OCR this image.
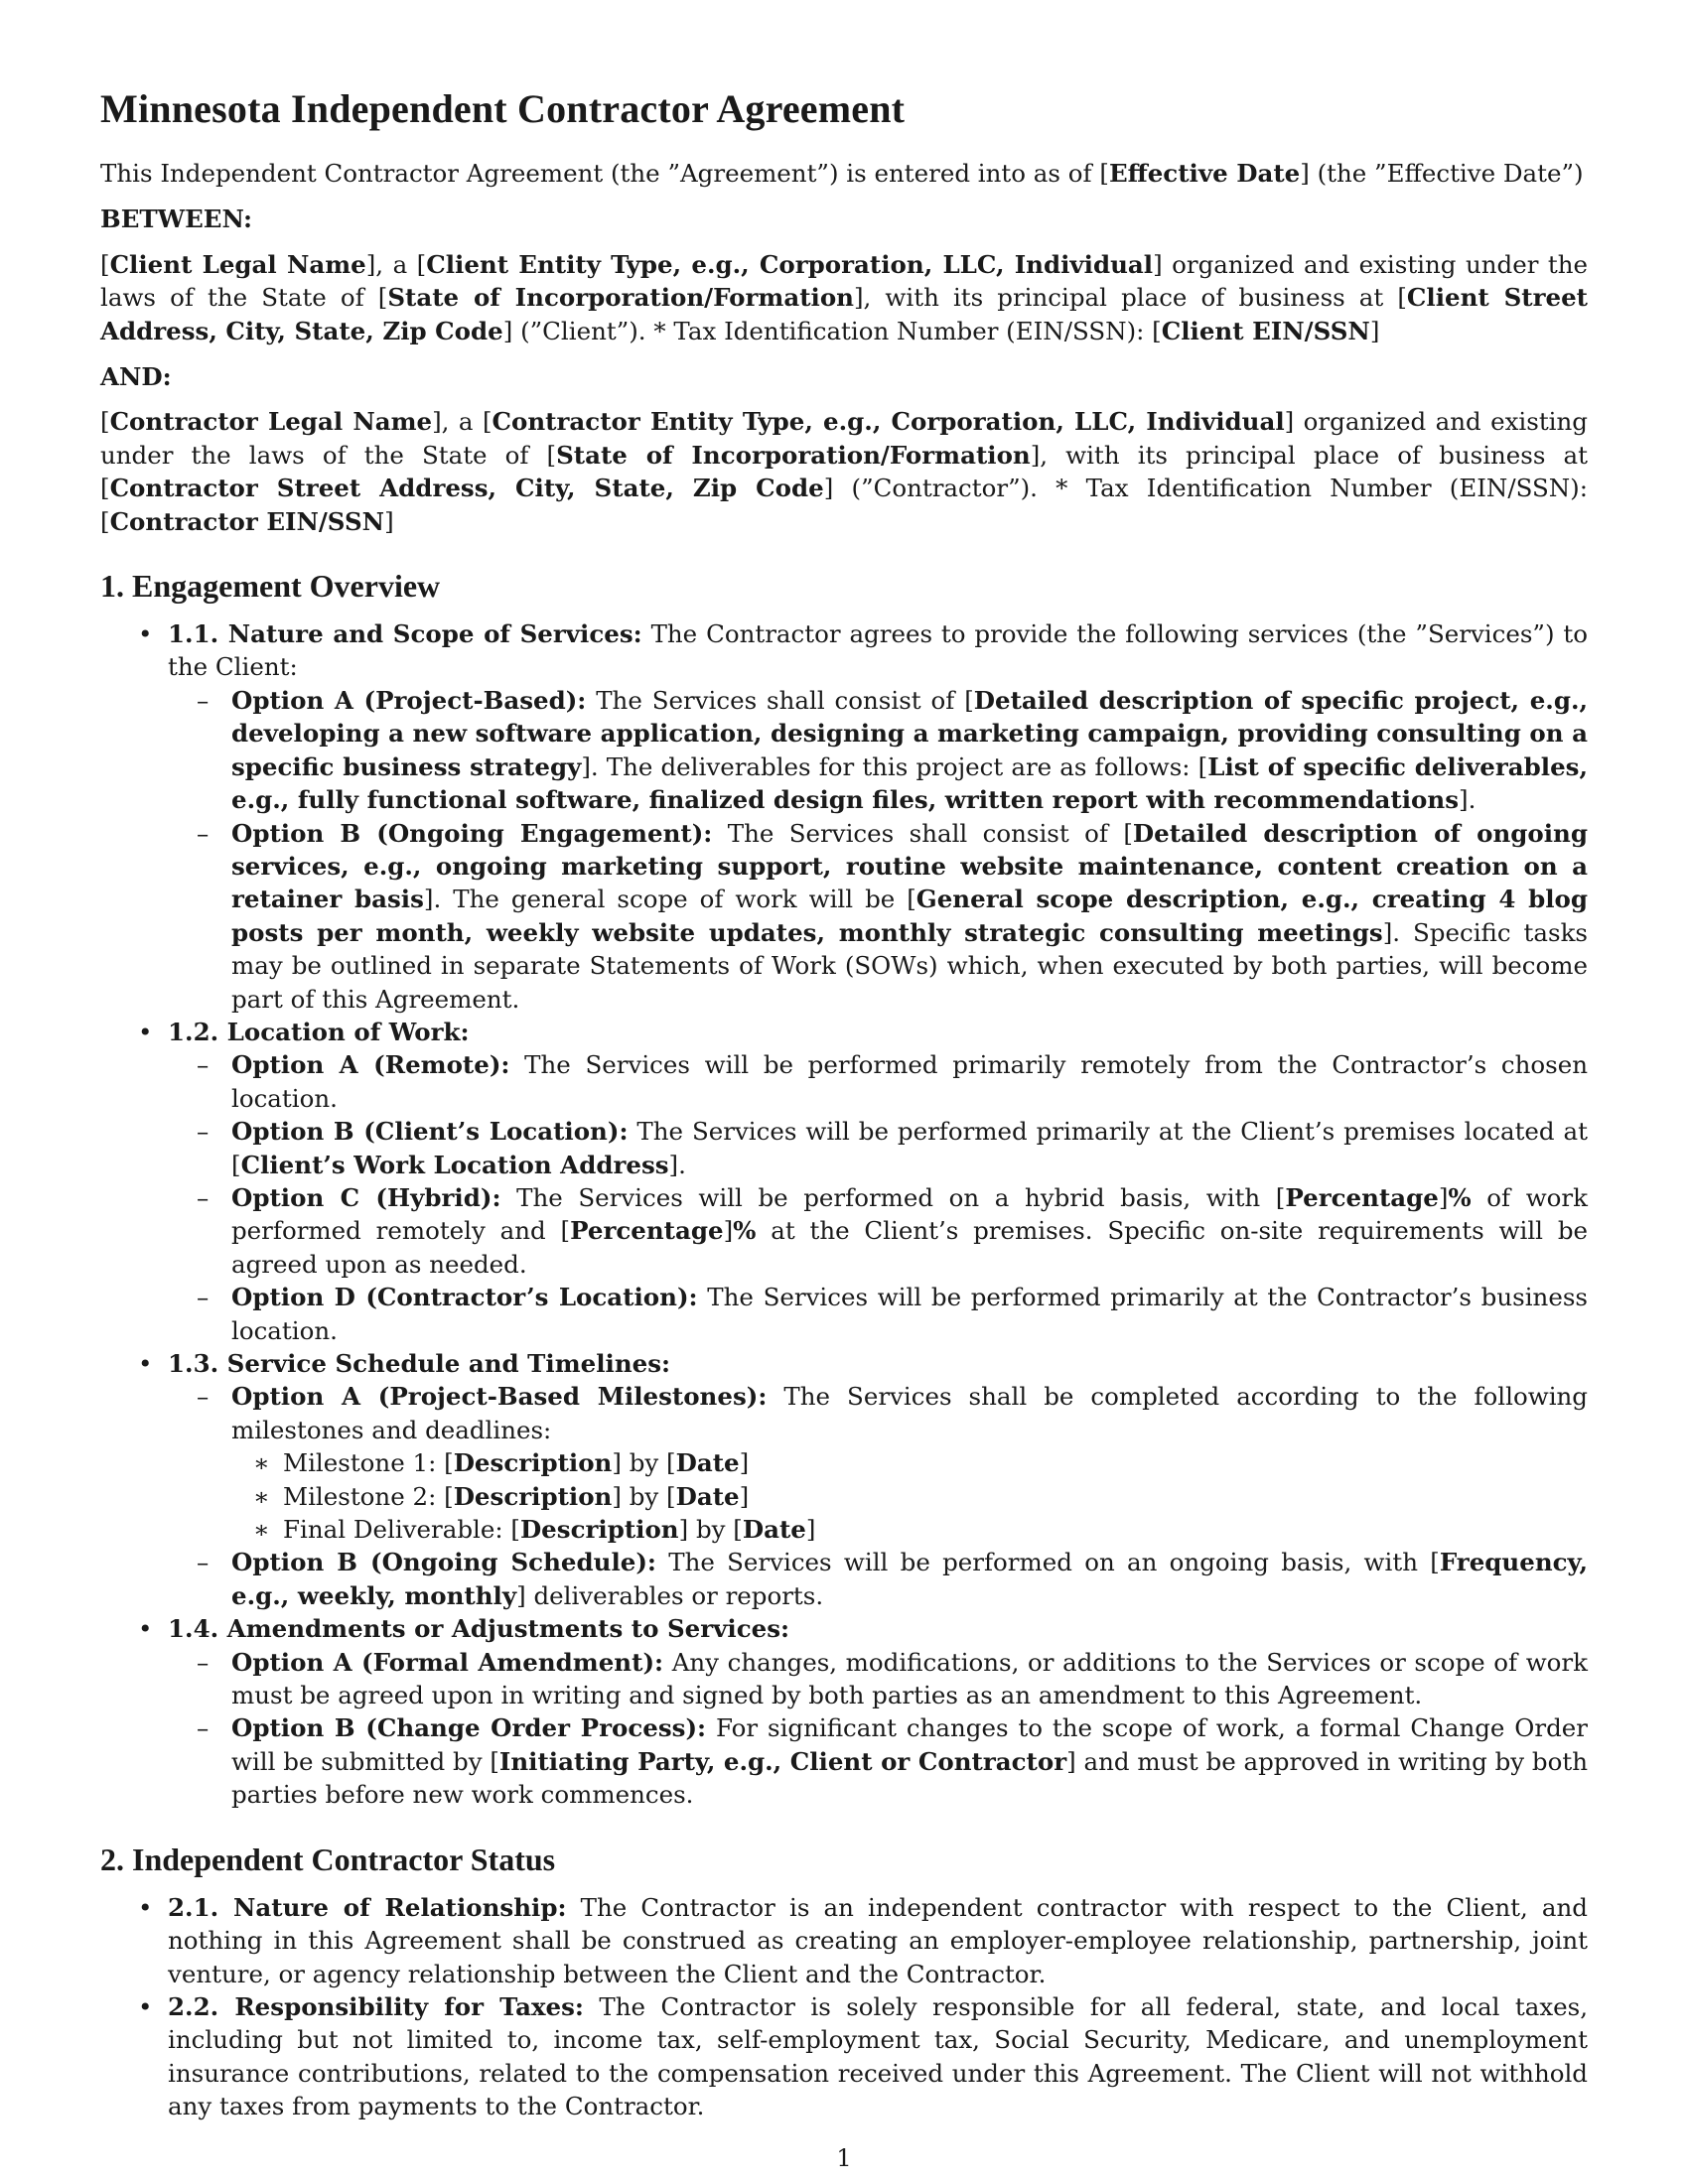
Minnesota Independent Contractor Agreement

This Independent Contractor Agreement (the ”Agreement”) is entered into as of [Effective Date] (the ”Effective Date”)

BETWEEN:

[Client Legal Name], a [Client Entity Type, e.g., Corporation, LLC, Individual] organized and existing under the laws of the State of [State of Incorporation/Formation], with its principal place of business at [Client Street Address, City, State, Zip Code] (”Client”). * Tax Identification Number (EIN/SSN): [Client EIN/SSN]

AND:

[Contractor Legal Name], a [Contractor Entity Type, e.g., Corporation, LLC, Individual] organized and existing under the laws of the State of [State of Incorporation/Formation], with its principal place of business at [Contractor Street Address, City, State, Zip Code] (”Contractor”). * Tax Identification Number (EIN/SSN): [Contractor EIN/SSN]

1. Engagement Overview
• 1.1. Nature and Scope of Services: The Contractor agrees to provide the following services (the ”Services”) to the Client:
– Option A (Project-Based): The Services shall consist of [Detailed description of specific project, e.g., developing a new software application, designing a marketing campaign, providing consulting on a specific business strategy]. The deliverables for this project are as follows: [List of specific deliverables, e.g., fully functional software, finalized design files, written report with recommendations].
– Option B (Ongoing Engagement): The Services shall consist of [Detailed description of ongoing services, e.g., ongoing marketing support, routine website maintenance, content creation on a retainer basis]. The general scope of work will be [General scope description, e.g., creating 4 blog posts per month, weekly website updates, monthly strategic consulting meetings]. Specific tasks may be outlined in separate Statements of Work (SOWs) which, when executed by both parties, will become part of this Agreement.
• 1.2. Location of Work:
– Option A (Remote): The Services will be performed primarily remotely from the Contractor’s chosen location.
– Option B (Client’s Location): The Services will be performed primarily at the Client’s premises located at [Client’s Work Location Address].
– Option C (Hybrid): The Services will be performed on a hybrid basis, with [Percentage]% of work performed remotely and [Percentage]% at the Client’s premises. Specific on-site requirements will be agreed upon as needed.
– Option D (Contractor’s Location): The Services will be performed primarily at the Contractor’s business location.
• 1.3. Service Schedule and Timelines:
– Option A (Project-Based Milestones): The Services shall be completed according to the following milestones and deadlines:
∗ Milestone 1: [Description] by [Date]
∗ Milestone 2: [Description] by [Date]
∗ Final Deliverable: [Description] by [Date]
– Option B (Ongoing Schedule): The Services will be performed on an ongoing basis, with [Frequency, e.g., weekly, monthly] deliverables or reports.
• 1.4. Amendments or Adjustments to Services:
– Option A (Formal Amendment): Any changes, modifications, or additions to the Services or scope of work must be agreed upon in writing and signed by both parties as an amendment to this Agreement.
– Option B (Change Order Process): For significant changes to the scope of work, a formal Change Order will be submitted by [Initiating Party, e.g., Client or Contractor] and must be approved in writing by both parties before new work commences.
2. Independent Contractor Status
• 2.1. Nature of Relationship: The Contractor is an independent contractor with respect to the Client, and nothing in this Agreement shall be construed as creating an employer-employee relationship, partnership, joint venture, or agency relationship between the Client and the Contractor.
• 2.2. Responsibility for Taxes: The Contractor is solely responsible for all federal, state, and local taxes, including but not limited to, income tax, self-employment tax, Social Security, Medicare, and unemployment insurance contributions, related to the compensation received under this Agreement. The Client will not withhold any taxes from payments to the Contractor.
1
